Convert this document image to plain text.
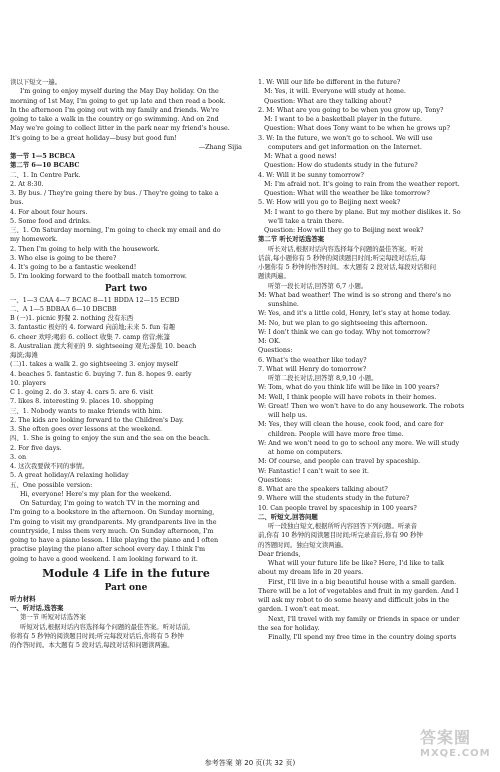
读以下短文一遍。
I'm going to enjoy myself during the May Day holiday. On the
morning of 1st May, I'm going to get up late and then read a book.
In the afternoon I'm going out with my family and friends. We're
going to take a walk in the country or go swimming. And on 2nd
May we're going to collect litter in the park near my friend's house.
It's going to be a great holiday—busy but good fun!
—Zhang Sijia
第一节 1—5 BCBCA
第二节 6—10 BCABC
二、1. In Centre Park.
2. At 8:30.
3. By bus. / They're going there by bus. / They're going to take a
bus.
4. For about four hours.
5. Some food and drinks.
三、1. On Saturday morning, I'm going to check my email and do
my homework.
2. Then I'm going to help with the housework.
3. Who else is going to be there?
4. It's going to be a fantastic weekend!
5. I'm looking forward to the football match tomorrow.
Part two
一、1—3 CAA 4—7 BCAC 8—11 BDDA 12—15 ECBD
二、A 1—5 BDBAA 6—10 DBCBB
B (一)1. picnic 野餐 2. nothing 没有东西
3. fantastic 极好的 4. forward 向前地;未来 5. fun 有趣
6. cheer 欢呼;喝彩 6. collect 收集 7. camp 宿营;帐篷
8. Australian 澳大利亚的 9. sightseeing 观光;游览 10. beach
海滨;海滩
(二)1. takes a walk 2. go sightseeing 3. enjoy myself
4. beaches 5. fantastic 6. buying 7. fun 8. hopes 9. early
10. players
C 1. going 2. do 3. stay 4. cars 5. are 6. visit
7. likes 8. interesting 9. places 10. shopping
三、1. Nobody wants to make friends with him.
2. The kids are looking forward to the Children's Day.
3. She often goes over lessons at the weekend.
四、1. She is going to enjoy the sun and the sea on the beach.
2. For five days.
3. on
4. 这次我要做不同的事情。
5. A great holiday/A relaxing holiday
五、One possible version:
Hi, everyone! Here's my plan for the weekend.
On Saturday, I'm going to watch TV in the morning and
I'm going to a bookstore in the afternoon. On Sunday morning,
I'm going to visit my grandparents. My grandparents live in the
countryside, I miss them very much. On Sunday afternoon, I'm
going to have a piano lesson. I like playing the piano and I often
practise playing the piano after school every day. I think I'm
going to have a good weekend. I am looking forward to it.
Module 4 Life in the future
Part one
听力材料
一、听对话,选答案
第一节 听短对话选答案
听短对话,根据对话内容选择每个问题的最佳答案。听对话前,
你将有 5 秒钟的阅读题目时间;听完每段对话后,你将有 5 秒钟
的作答时间。本大题有 5 段对话,每段对话和问题读两遍。
1. W: Will our life be different in the future?
M: Yes, it will. Everyone will study at home.
Question: What are they talking about?
2. M: What are you going to be when you grow up, Tony?
M: I want to be a basketball player in the future.
Question: What does Tony want to be when he grows up?
3. W: In the future, we won't go to school. We will use
computers and get information on the Internet.
M: What a good news!
Question: How do students study in the future?
4. W: Will it be sunny tomorrow?
M: I'm afraid not. It's going to rain from the weather report.
Question: What will the weather be like tomorrow?
5. W: How will you go to Beijing next week?
M: I want to go there by plane. But my mother dislikes it. So
we'll take a train there.
Question: How will they go to Beijing next week?
第二节 听长对话选答案
听长对话,根据对话内容选择每个问题的最佳答案。听对
话前,每小题你有 5 秒钟的阅读题目时间;听完每段对话后,每
小题你有 5 秒钟的作答时间。本大题有 2 段对话,每段对话和问
题读两遍。
听第一段长对话,回答第 6,7 小题。
M: What bad weather! The wind is so strong and there's no
sunshine.
W: Yes, and it's a little cold, Henry, let's stay at home today.
M: No, but we plan to go sightseeing this afternoon.
W: I don't think we can go today. Why not tomorrow?
M: OK.
Questions:
6. What's the weather like today?
7. What will Henry do tomorrow?
听第二段长对话,回答第 8,9,10 小题。
W: Tom, what do you think life will be like in 100 years?
M: Well, I think people will have robots in their homes.
W: Great! Then we won't have to do any housework. The robots
will help us.
M: Yes, they will clean the house, cook food, and care for
children. People will have more free time.
W: And we won't need to go to school any more. We will study
at home on computers.
M: Of course, and people can travel by spaceship.
W: Fantastic! I can't wait to see it.
Questions:
8. What are the speakers talking about?
9. Where will the students study in the future?
10. Can people travel by spaceship in 100 years?
二、听短文,回答问题
听一段独白短文,根据所听内容回答下列问题。听录音
前,你有 10 秒钟的阅读题目时间;听完录音后,你有 90 秒钟
的答题时间。独白短文读两遍。
Dear friends,
What will your future life be like? Here, I'd like to talk
about my dream life in 20 years.
First, I'll live in a big beautiful house with a small garden.
There will be a lot of vegetables and fruit in my garden. And I
will ask my robot to do some heavy and difficult jobs in the
garden. I won't eat meat.
Next, I'll travel with my family or friends in space or under
the sea for holiday.
Finally, I'll spend my free time in the country doing sports
参考答案 第 20 页(共 32 页)
答案圈
MXQE.COM
